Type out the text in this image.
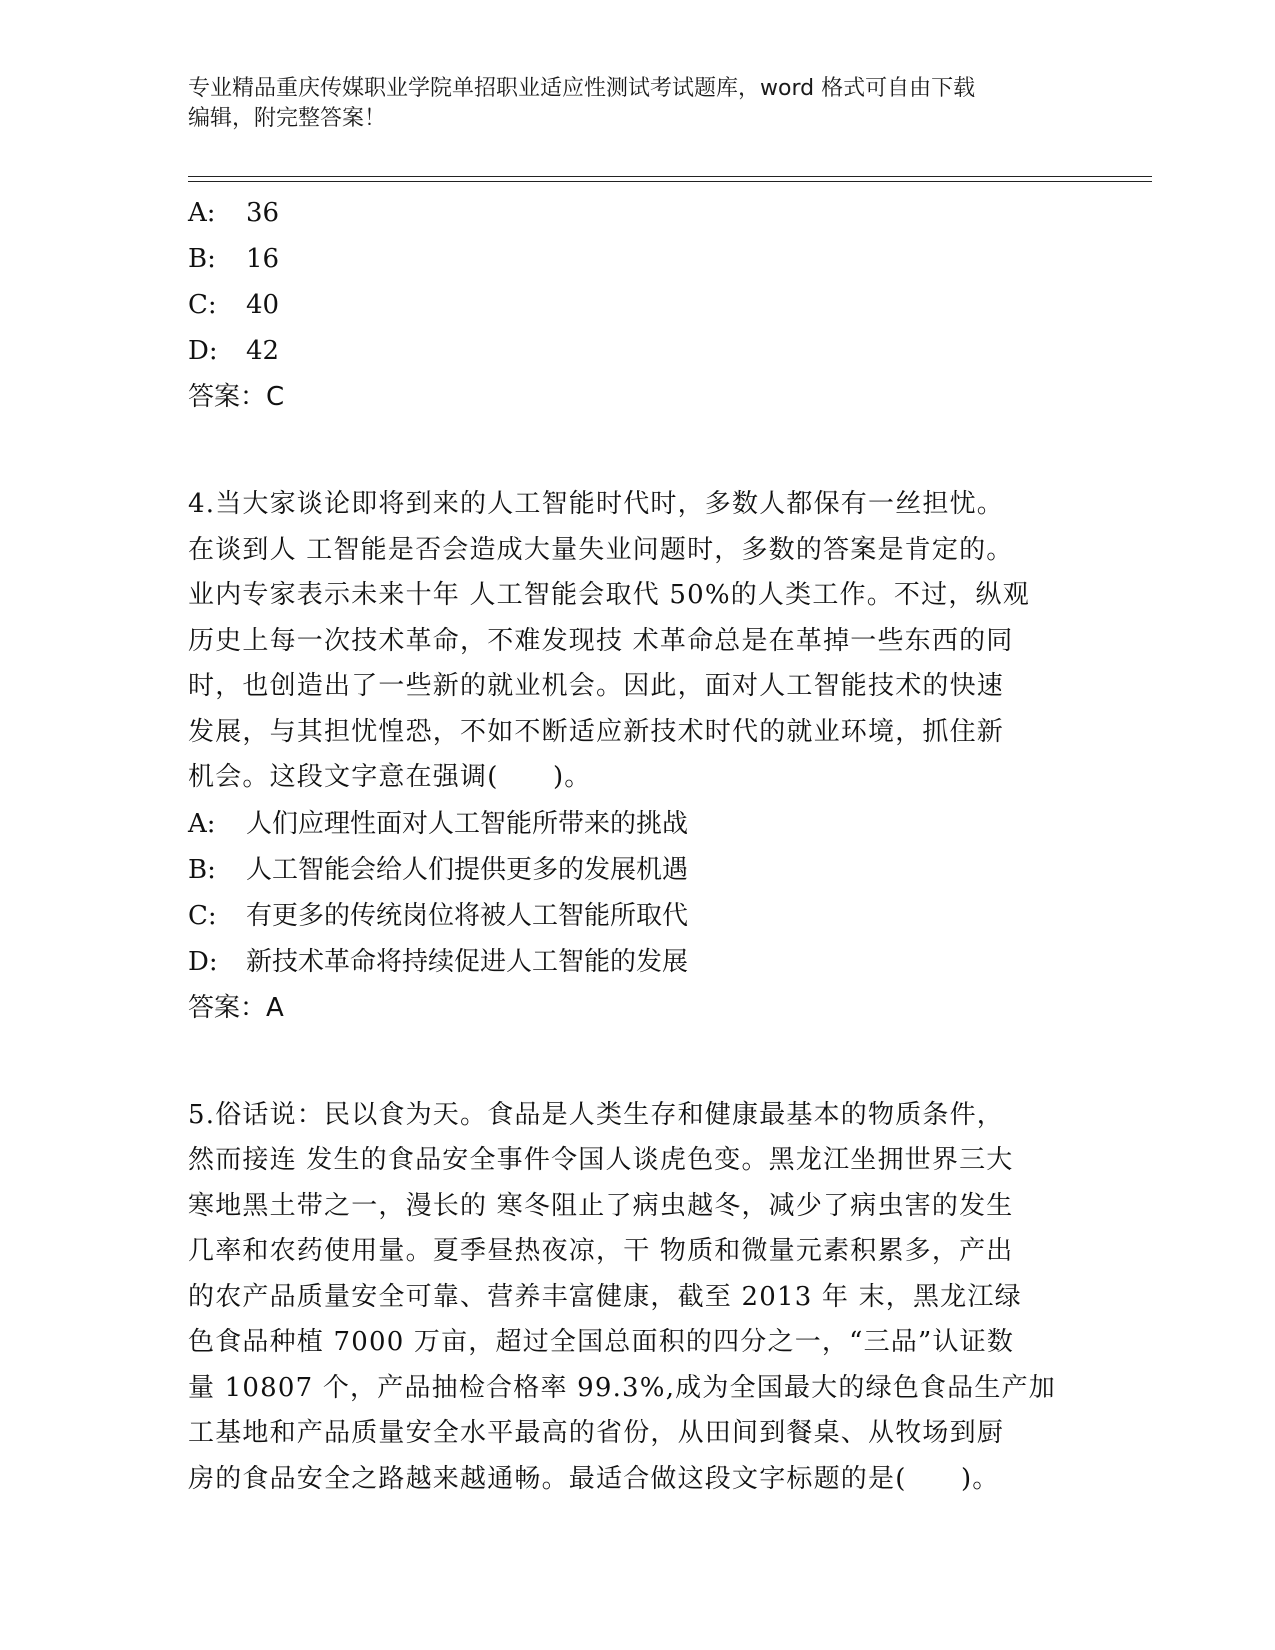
专业精品重庆传媒职业学院单招职业适应性测试考试题库，word 格式可自由下载
编辑，附完整答案！
A: 36
B: 16
C: 40
D: 42
答案：C
4.当大家谈论即将到来的人工智能时代时，多数人都保有一丝担忧。
在谈到人 工智能是否会造成大量失业问题时，多数的答案是肯定的。
业内专家表示未来十年 人工智能会取代 50%的人类工作。不过，纵观
历史上每一次技术革命，不难发现技 术革命总是在革掉一些东西的同
时，也创造出了一些新的就业机会。因此，面对人工智能技术的快速
发展，与其担忧惶恐，不如不断适应新技术时代的就业环境，抓住新
机会。这段文字意在强调(　　)。
A: 人们应理性面对人工智能所带来的挑战
B: 人工智能会给人们提供更多的发展机遇
C: 有更多的传统岗位将被人工智能所取代
D: 新技术革命将持续促进人工智能的发展
答案：A
5.俗话说：民以食为天。食品是人类生存和健康最基本的物质条件，
然而接连 发生的食品安全事件令国人谈虎色变。黑龙江坐拥世界三大
寒地黑土带之一，漫长的 寒冬阻止了病虫越冬，减少了病虫害的发生
几率和农药使用量。夏季昼热夜凉，干 物质和微量元素积累多，产出
的农产品质量安全可靠、营养丰富健康，截至 2013 年 末，黑龙江绿
色食品种植 7000 万亩，超过全国总面积的四分之一，“三品”认证数
量 10807 个，产品抽检合格率 99.3%,成为全国最大的绿色食品生产加
工基地和产品质量安全水平最高的省份，从田间到餐桌、从牧场到厨
房的食品安全之路越来越通畅。最适合做这段文字标题的是(　　)。
